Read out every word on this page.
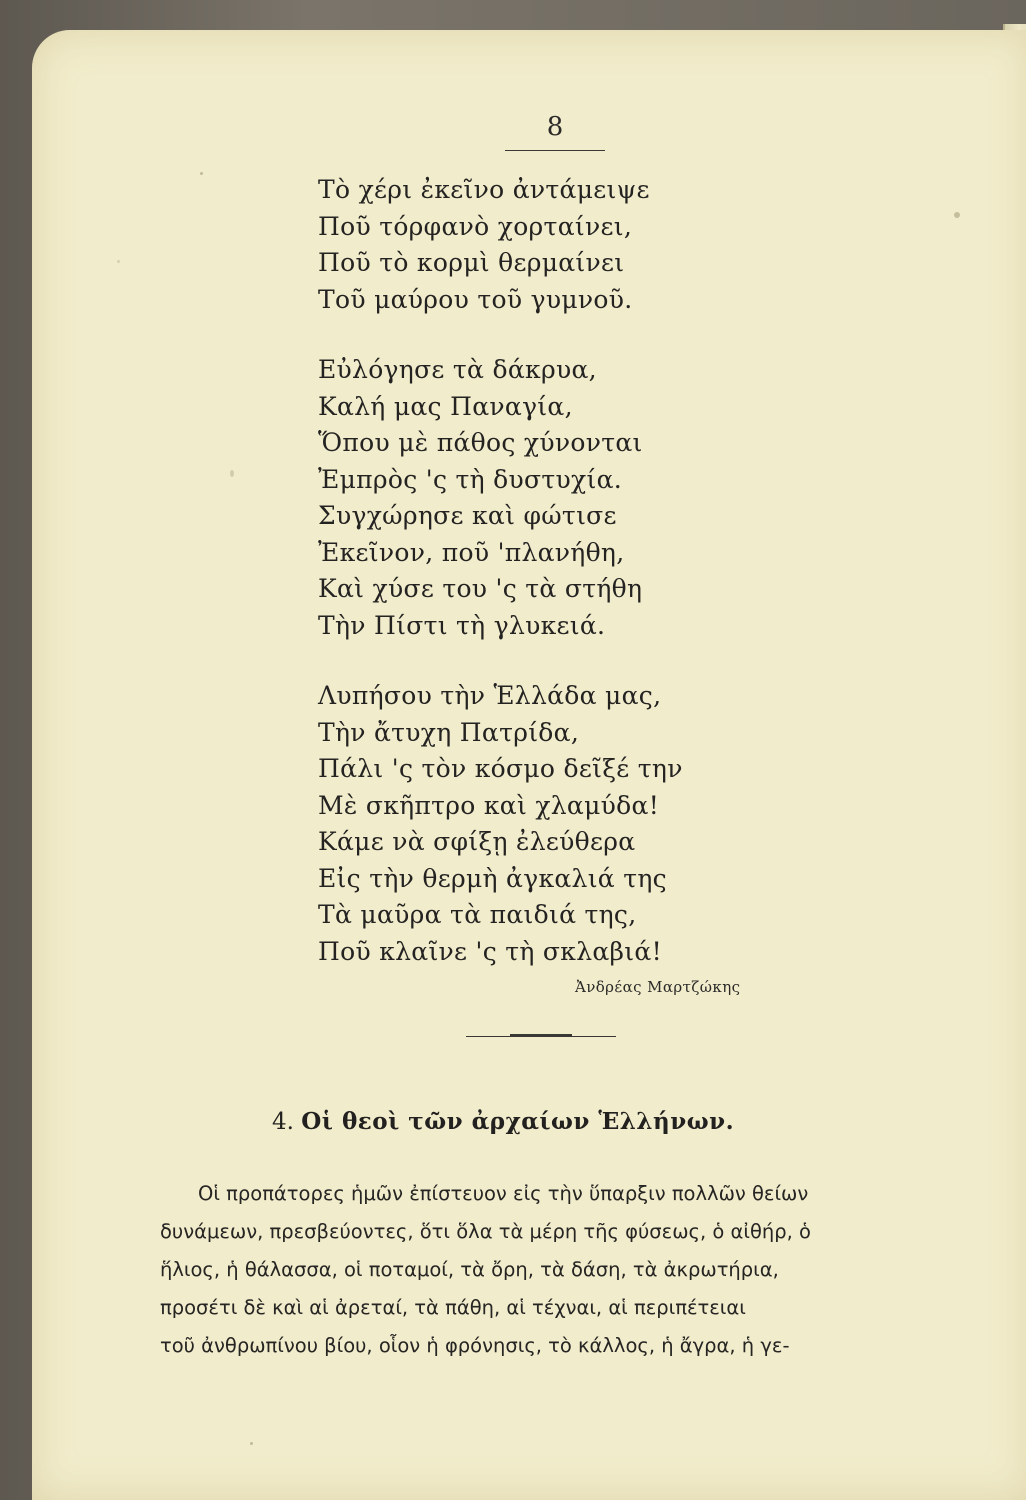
8
Τὸ χέρι ἐκεῖνο ἀντάμειψε
Ποῦ τόρφανὸ χορταίνει,
Ποῦ τὸ κορμὶ θερμαίνει
Τοῦ μαύρου τοῦ γυμνοῦ.
Εὐλόγησε τὰ δάκρυα,
Καλή μας Παναγία,
Ὅπου μὲ πάθος χύνονται
Ἐμπρὸς 'ς τὴ δυστυχία.
Συγχώρησε καὶ φώτισε
Ἐκεῖνον, ποῦ 'πλανήθη,
Καὶ χύσε του 'ς τὰ στήθη
Τὴν Πίστι τὴ γλυκειά.
Λυπήσου τὴν Ἑλλάδα μας,
Τὴν ἄτυχη Πατρίδα,
Πάλι 'ς τὸν κόσμο δεῖξέ την
Μὲ σκῆπτρο καὶ χλαμύδα!
Κάμε νὰ σφίξῃ ἐλεύθερα
Εἰς τὴν θερμὴ ἀγκαλιά της
Τὰ μαῦρα τὰ παιδιά της,
Ποῦ κλαῖνε 'ς τὴ σκλαβιά!
Ἀνδρέας Μαρτζώκης
4. Οἱ θεοὶ τῶν ἀρχαίων Ἑλλήνων.
Οἱ προπάτορες ἡμῶν ἐπίστευον εἰς τὴν ὕπαρξιν πολλῶν θείων
δυνάμεων, πρεσβεύοντες, ὅτι ὅλα τὰ μέρη τῆς φύσεως, ὁ αἰθήρ, ὁ
ἥλιος, ἡ θάλασσα, οἱ ποταμοί, τὰ ὄρη, τὰ δάση, τὰ ἀκρωτήρια,
προσέτι δὲ καὶ αἱ ἀρεταί, τὰ πάθη, αἱ τέχναι, αἱ περιπέτειαι
τοῦ ἀνθρωπίνου βίου, οἷον ἡ φρόνησις, τὸ κάλλος, ἡ ἄγρα, ἡ γε-
